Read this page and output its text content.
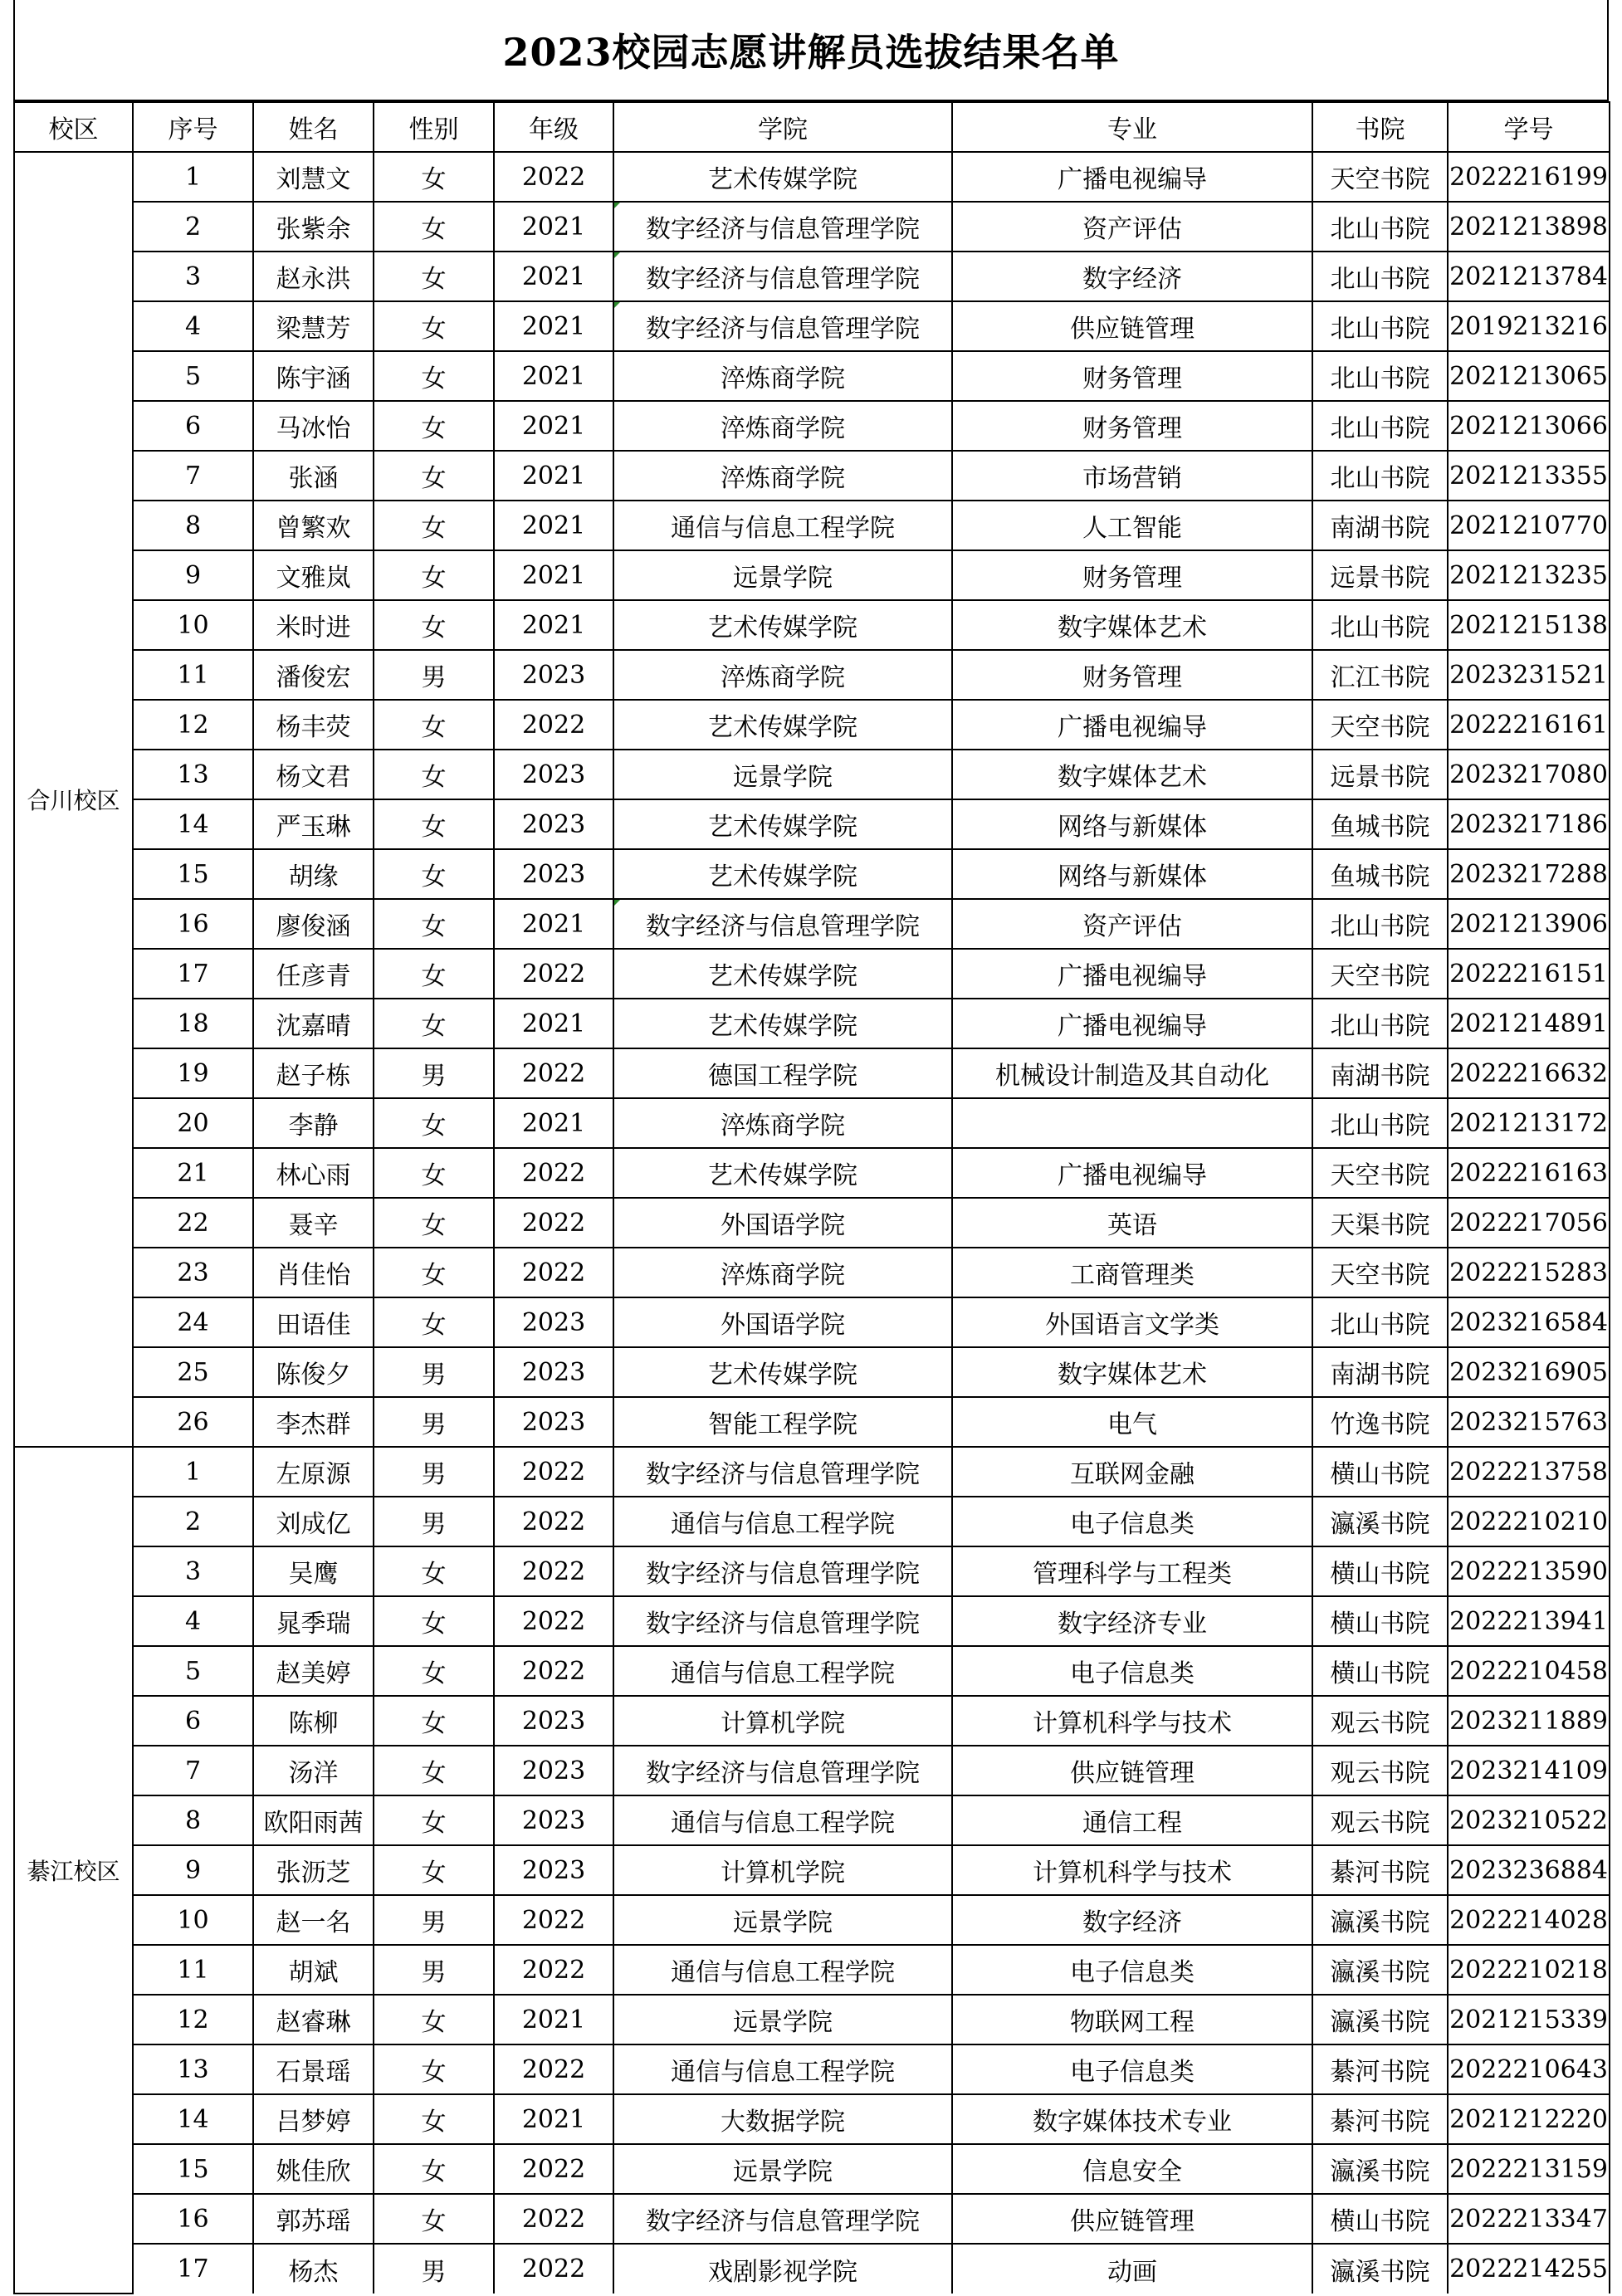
2023校园志愿讲解员选拔结果名单
校区	序号	姓名	性别	年级	学院	专业	书院	学号
合川校区	1	刘慧文	女	2022	艺术传媒学院	广播电视编导	天空书院	2022216199
	2	张紫余	女	2021	数字经济与信息管理学院	资产评估	北山书院	2021213898
	3	赵永洪	女	2021	数字经济与信息管理学院	数字经济	北山书院	2021213784
	4	梁慧芳	女	2021	数字经济与信息管理学院	供应链管理	北山书院	2019213216
	5	陈宇涵	女	2021	淬炼商学院	财务管理	北山书院	2021213065
	6	马冰怡	女	2021	淬炼商学院	财务管理	北山书院	2021213066
	7	张涵	女	2021	淬炼商学院	市场营销	北山书院	2021213355
	8	曾繁欢	女	2021	通信与信息工程学院	人工智能	南湖书院	2021210770
	9	文雅岚	女	2021	远景学院	财务管理	远景书院	2021213235
	10	米时进	女	2021	艺术传媒学院	数字媒体艺术	北山书院	2021215138
	11	潘俊宏	男	2023	淬炼商学院	财务管理	汇江书院	2023231521
	12	杨丰荧	女	2022	艺术传媒学院	广播电视编导	天空书院	2022216161
	13	杨文君	女	2023	远景学院	数字媒体艺术	远景书院	2023217080
	14	严玉琳	女	2023	艺术传媒学院	网络与新媒体	鱼城书院	2023217186
	15	胡缘	女	2023	艺术传媒学院	网络与新媒体	鱼城书院	2023217288
	16	廖俊涵	女	2021	数字经济与信息管理学院	资产评估	北山书院	2021213906
	17	任彦青	女	2022	艺术传媒学院	广播电视编导	天空书院	2022216151
	18	沈嘉晴	女	2021	艺术传媒学院	广播电视编导	北山书院	2021214891
	19	赵子栋	男	2022	德国工程学院	机械设计制造及其自动化	南湖书院	2022216632
	20	李静	女	2021	淬炼商学院		北山书院	2021213172
	21	林心雨	女	2022	艺术传媒学院	广播电视编导	天空书院	2022216163
	22	聂辛	女	2022	外国语学院	英语	天渠书院	2022217056
	23	肖佳怡	女	2022	淬炼商学院	工商管理类	天空书院	2022215283
	24	田语佳	女	2023	外国语学院	外国语言文学类	北山书院	2023216584
	25	陈俊夕	男	2023	艺术传媒学院	数字媒体艺术	南湖书院	2023216905
	26	李杰群	男	2023	智能工程学院	电气	竹逸书院	2023215763
綦江校区	1	左原源	男	2022	数字经济与信息管理学院	互联网金融	横山书院	2022213758
	2	刘成亿	男	2022	通信与信息工程学院	电子信息类	瀛溪书院	2022210210
	3	吴鹰	女	2022	数字经济与信息管理学院	管理科学与工程类	横山书院	2022213590
	4	晁季瑞	女	2022	数字经济与信息管理学院	数字经济专业	横山书院	2022213941
	5	赵美婷	女	2022	通信与信息工程学院	电子信息类	横山书院	2022210458
	6	陈柳	女	2023	计算机学院	计算机科学与技术	观云书院	2023211889
	7	汤洋	女	2023	数字经济与信息管理学院	供应链管理	观云书院	2023214109
	8	欧阳雨茜	女	2023	通信与信息工程学院	通信工程	观云书院	2023210522
	9	张沥芝	女	2023	计算机学院	计算机科学与技术	綦河书院	2023236884
	10	赵一名	男	2022	远景学院	数字经济	瀛溪书院	2022214028
	11	胡斌	男	2022	通信与信息工程学院	电子信息类	瀛溪书院	2022210218
	12	赵睿琳	女	2021	远景学院	物联网工程	瀛溪书院	2021215339
	13	石景瑶	女	2022	通信与信息工程学院	电子信息类	綦河书院	2022210643
	14	吕梦婷	女	2021	大数据学院	数字媒体技术专业	綦河书院	2021212220
	15	姚佳欣	女	2022	远景学院	信息安全	瀛溪书院	2022213159
	16	郭苏瑶	女	2022	数字经济与信息管理学院	供应链管理	横山书院	2022213347
	17	杨杰	男	2022	戏剧影视学院	动画	瀛溪书院	2022214255
